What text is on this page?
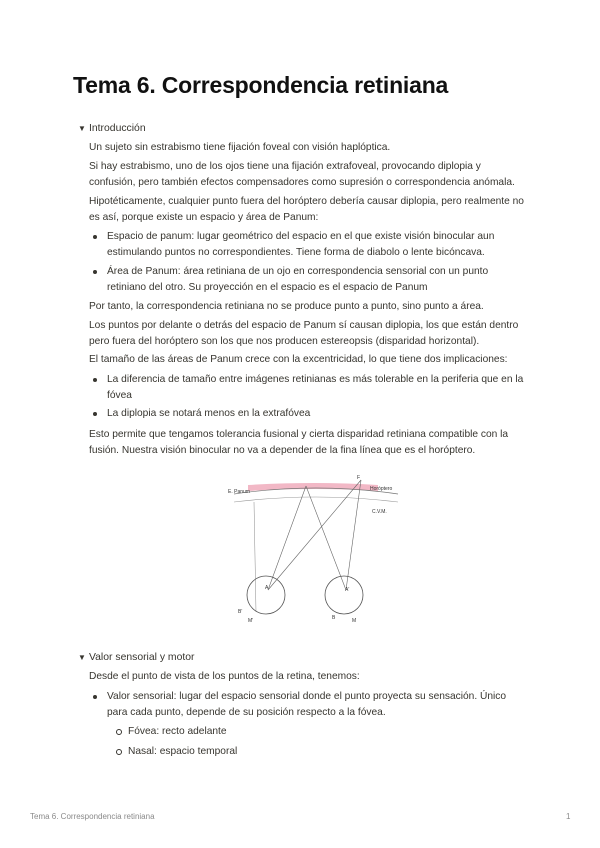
Tema 6. Correspondencia retiniana
▼ Introducción

Un sujeto sin estrabismo tiene fijación foveal con visión haplóptica.

Si hay estrabismo, uno de los ojos tiene una fijación extrafoveal, provocando diplopia y confusión, pero también efectos compensadores como supresión o correspondencia anómala.

Hipotéticamente, cualquier punto fuera del horóptero debería causar diplopia, pero realmente no es así, porque existe un espacio y área de Panum:

Espacio de panum: lugar geométrico del espacio en el que existe visión binocular aun estimulando puntos no correspondientes. Tiene forma de diabolo o lente bicóncava.
Área de Panum: área retiniana de un ojo en correspondencia sensorial con un punto retiniano del otro. Su proyección en el espacio es el espacio de Panum

Por tanto, la correspondencia retiniana no se produce punto a punto, sino punto a área.

Los puntos por delante o detrás del espacio de Panum sí causan diplopia, los que están dentro pero fuera del horóptero son los que nos producen estereopsis (disparidad horizontal).

El tamaño de las áreas de Panum crece con la excentricidad, lo que tiene dos implicaciones:

La diferencia de tamaño entre imágenes retinianas es más tolerable en la periferia que en la fóvea
La diplopia se notará menos en la extrafóvea

Esto permite que tengamos tolerancia fusional y cierta disparidad retiniana compatible con la fusión. Nuestra visión binocular no va a depender de la fina línea que es el horóptero.

E. Panum	Horóptero
C.V.M.
F
A
B'
M'
A'
B	M
▼ Valor sensorial y motor

Desde el punto de vista de los puntos de la retina, tenemos:

Valor sensorial: lugar del espacio sensorial donde el punto proyecta su sensación. Único para cada punto, depende de su posición respecto a la fóvea.
Fóvea: recto adelante
Nasal: espacio temporal
Tema 6. Correspondencia retiniana	1
